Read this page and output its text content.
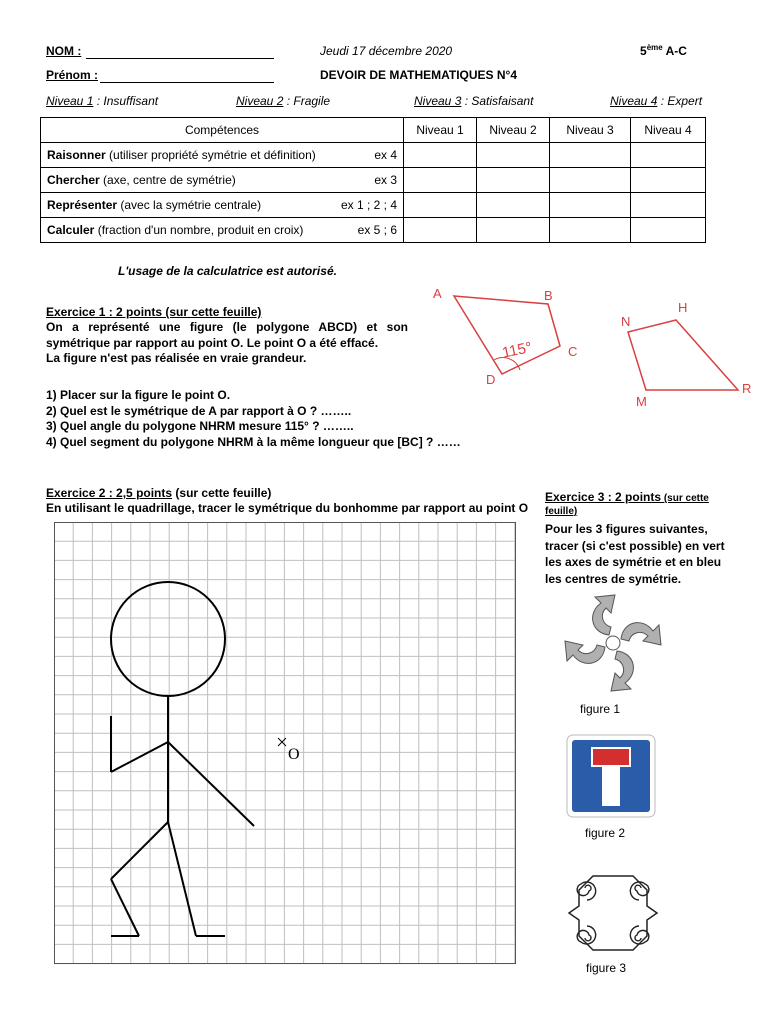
NOM :	Jeudi 17 décembre 2020	5ème A-C
Prénom :	DEVOIR DE MATHEMATIQUES N°4
Niveau 1 : Insuffisant	Niveau 2 : Fragile	Niveau 3 : Satisfaisant	Niveau 4 : Expert
Compétences	Niveau 1	Niveau 2	Niveau 3	Niveau 4

Raisonner (utiliser propriété symétrie et définition) ex 4				

Chercher (axe, centre de symétrie) ex 3				

Représenter (avec la symétrie centrale) ex 1 ; 2 ; 4				

Calculer (fraction d'un nombre, produit en croix) ex 5 ; 6				

L'usage de la calculatrice est autorisé.
Exercice 1 : 2 points (sur cette feuille)
On a représenté une figure (le polygone ABCD) et son
symétrique par rapport au point O. Le point O a été effacé.
La figure n'est pas réalisée en vraie grandeur.
1) Placer sur la figure le point O.
2) Quel est le symétrique de A par rapport à O ? ……..
3) Quel angle du polygone NHRM mesure 115° ? ……..
4) Quel segment du polygone NHRM à la même longueur que [BC] ? ……
115°
A	B
C
D
N
H
R
M
Exercice 2 : 2,5 points (sur cette feuille)
En utilisant le quadrillage, tracer le symétrique du bonhomme par rapport au point O
O
Exercice 3 : 2 points (sur cette
feuille)
Pour les 3 figures suivantes,
tracer (si c'est possible) en vert
les axes de symétrie et en bleu
les centres de symétrie.
figure 1
figure 2
figure 3
